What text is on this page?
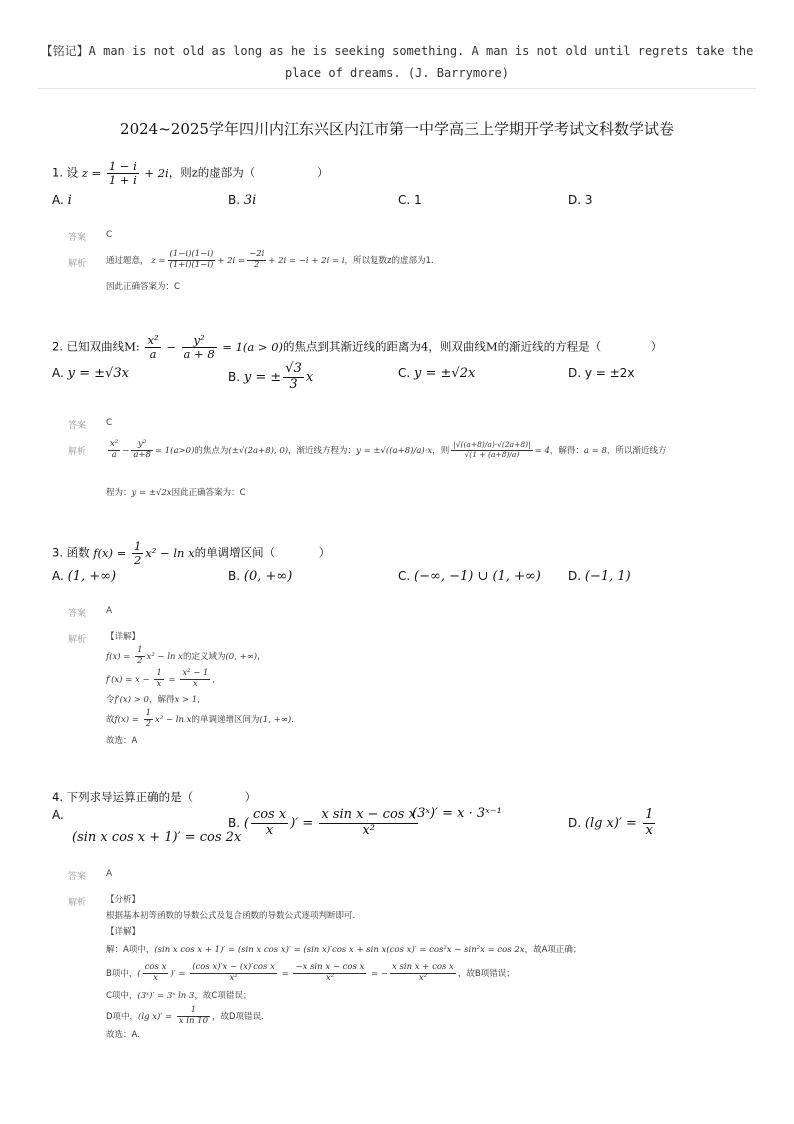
【铭记】A man is not old as long as he is seeking something. A man is not old until regrets take the
place of dreams. (J. Barrymore)
2024~2025学年四川内江东兴区内江市第一中学高三上学期开学考试文科数学试卷
1. 设 $z = \frac{1 - i}{1 + i} + 2i$，则z的虚部为（	）
A. i	B. 3i	C. 1	D. 3
答案 C
解析 通过题意， $z = \frac{(1-i)(1-i)}{(1+i)(1-i)} + 2i = \frac{-2i}{2} + 2i = -i + 2i = i$，所以复数z的虚部为1.
因此正确答案为：C
2. 已知双曲线M: $\frac{\text{x²}}{a} - \frac{\text{y²}}{a + 8} = 1(a > 0)$的焦点到其渐近线的距离为4，则双曲线M的渐近线的方程是（	）
A. y = ±√3x	B. y = ± $\frac{√3}{3}$ x	C. y = ±√2x	D. y = ±2x
答案 C
解析	$\frac{\text{x²}}{a} - \frac{\text{y²}}{a+8} = 1(a>0)$的焦点为(±√(2a+8), 0)，渐近线方程为：y = ±√((a+8)/a)·x，则 $\frac{|√((a+8)/a)\cdot√(2a+8)|}{√(1 + (a+8)/a)} = 4$，解得：a = 8，所以渐近线方
程为：y = ±√2x因此正确答案为：C
3. 函数 $f(x) = \frac{1}{2} x^2 - \ln x$的单调增区间（	）
A. (1, +∞)	B. (0, +∞)	C. (−∞, −1) ∪ (1, +∞) D. (−1, 1)
答案 A
解析 【详解】
$f(x) = \frac{1}{2} x^2 - \ln x$的定义域为(0, +∞),
$f'(x) = x - \frac{1}{x} = \frac{\text{x² − 1}}{x}$ ,
令f′(x) > 0，解得x > 1,
故$f(x) = \frac{1}{2} x^2 - \ln x$的单调递增区间为(1, +∞).
故选：A
4. 下列求导运算正确的是（	）
A.
(sin x cos x + 1)′ = cos 2x
B. ( $\frac{\text{cos x}}{x}$ )′ = $\frac{\text{x sin x − cos x}}{\text{x²}}$
(3ˣ)′ = x · 3ˣ⁻¹
D. (lg $x)' = \frac{1}{x}$
答案 A
解析 【分析】
根据基本初等函数的导数公式及复合函数的导数公式逐项判断即可.
【详解】
解：A项中，(sin x cos x + 1)′ = (sin x cos x)′ = (sin x)′cos x + sin x(cos x)′ = cos²x − sin²x = cos 2x，故A项正确；
B项中，( $\frac{\text{cos x}}{x}$ )′ = $\frac{\text{(cos x)′x − (x)′cos x}}{\text{x²}} = \frac{\text{−x sin x − cos x}}{\text{x²}}$ = − $\frac{\text{x sin x + cos x}}{\text{x²}}$ ，故B项错误；
C项中，(3ˣ)′ = 3ˣ ln 3，故C项错误；
D项中，(lg $x)' = \frac{1}{\text{x ln 10}}$ ，故D项错误.
故选：A.
